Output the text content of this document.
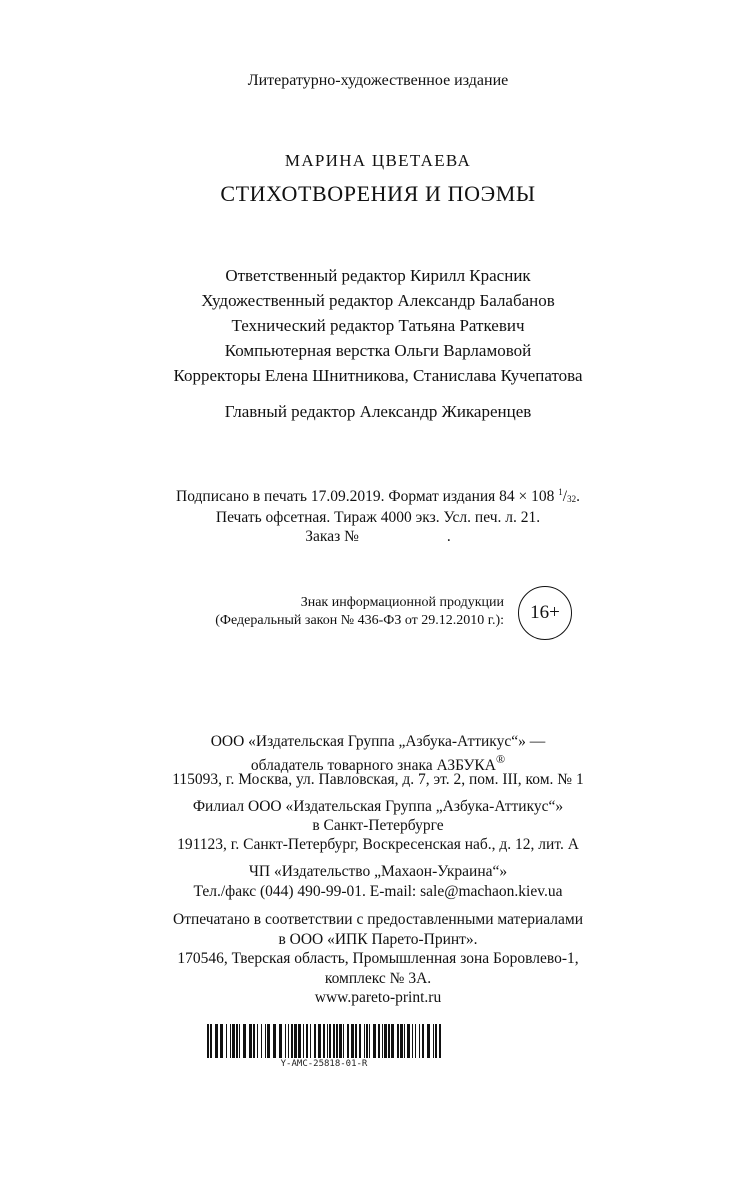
Литературно-художественное издание
МАРИНА ЦВЕТАЕВА
СТИХОТВОРЕНИЯ И ПОЭМЫ
Ответственный редактор Кирилл Красник
Художественный редактор Александр Балабанов
Технический редактор Татьяна Раткевич
Компьютерная верстка Ольги Варламовой
Корректоры Елена Шнитникова, Станислава Кучепатова
Главный редактор Александр Жикаренцев
Подписано в печать 17.09.2019. Формат издания 84 × 108 $^1/_{32}$.
Печать офсетная. Тираж 4000 экз. Усл. печ. л. 21.
Заказ №	.
Знак информационной продукции
(Федеральный закон № 436-ФЗ от 29.12.2010 г.): 16+
ООО «Издательская Группа „Азбука-Аттикус“» —
обладатель товарного знака АЗБУКА®
115093, г. Москва, ул. Павловская, д. 7, эт. 2, пом. III, ком. № 1
Филиал ООО «Издательская Группа „Азбука-Аттикус“»
в Санкт-Петербурге
191123, г. Санкт-Петербург, Воскресенская наб., д. 12, лит. А
ЧП «Издательство „Махаон-Украина“»
Тел./факс (044) 490-99-01. E-mail: sale@machaon.kiev.ua
Отпечатано в соответствии с предоставленными материалами
в ООО «ИПК Парето-Принт».
170546, Тверская область, Промышленная зона Боровлево-1,
комплекс № 3А.
www.pareto-print.ru
Y-AMC-25818-01-R
